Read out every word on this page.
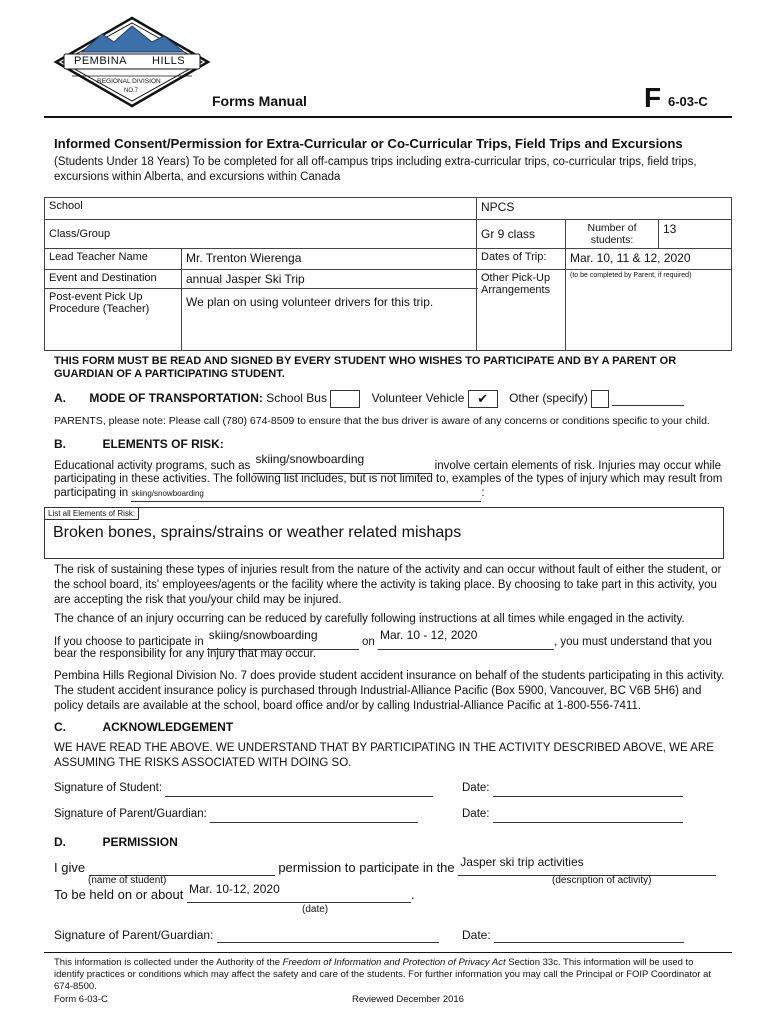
PEMBINA HILLS
REGIONAL DIVISION
NO.7
Forms Manual	F 6-03-C
Informed Consent/Permission for Extra-Curricular or Co-Curricular Trips, Field Trips and Excursions
(Students Under 18 Years) To be completed for all off-campus trips including extra-curricular trips, co-curricular trips, field trips, excursions within Alberta, and excursions within Canada
School		NPCS		
Class/Group		Gr 9 class	Number of students:	13
Lead Teacher Name	Mr. Trenton Wierenga	Dates of Trip:	Mar. 10, 11 & 12, 2020	
Event and Destination	annual Jasper Ski Trip	Other Pick-Up Arrangements	(to be completed by Parent, if required)	
Post-event Pick Up Procedure (Teacher)	We plan on using volunteer drivers for this trip.			
THIS FORM MUST BE READ AND SIGNED BY EVERY STUDENT WHO WISHES TO PARTICIPATE AND BY A PARENT OR GUARDIAN OF A PARTICIPATING STUDENT.
A. MODE OF TRANSPORTATION: School Bus	Volunteer Vehicle ✔ Other (specify)
PARENTS, please note: Please call (780) 674-8509 to ensure that the bus driver is aware of any concerns or conditions specific to your child.
B.	ELEMENTS OF RISK:
Educational activity programs, such as skiing/snowboarding	involve certain elements of risk. Injuries may occur while
participating in these activities. The following list includes, but is not limited to, examples of the types of injury which may result from
participating in skiing/snowboarding	:
List all Elements of Risk:
Broken bones, sprains/strains or weather related mishaps
The risk of sustaining these types of injuries result from the nature of the activity and can occur without fault of either the student, or the school board, its' employees/agents or the facility where the activity is taking place. By choosing to take part in this activity, you are accepting the risk that you/your child may be injured.
The chance of an injury occurring can be reduced by carefully following instructions at all times while engaged in the activity.
If you choose to participate in skiing/snowboarding	on Mar. 10 - 12, 2020	, you must understand that you
bear the responsibility for any injury that may occur.
Pembina Hills Regional Division No. 7 does provide student accident insurance on behalf of the students participating in this activity. The student accident insurance policy is purchased through Industrial-Alliance Pacific (Box 5900, Vancouver, BC V6B 5H6) and policy details are available at the school, board office and/or by calling Industrial-Alliance Pacific at 1-800-556-7411.
C.	ACKNOWLEDGEMENT
WE HAVE READ THE ABOVE. WE UNDERSTAND THAT BY PARTICIPATING IN THE ACTIVITY DESCRIBED ABOVE, WE ARE ASSUMING THE RISKS ASSOCIATED WITH DOING SO.
Signature of Student:	Date:
Signature of Parent/Guardian:	Date:
D.	PERMISSION
I give	permission to participate in the Jasper ski trip activities

(name of student)	(description of activity)
To be held on or about Mar. 10-12, 2020	.
(date)
Signature of Parent/Guardian:	Date:
This information is collected under the Authority of the Freedom of Information and Protection of Privacy Act Section 33c. This information will be used to identify practices or conditions which may affect the safety and care of the students. For further information you may call the Principal or FOIP Coordinator at 674-8500.
Form 6-03-C	Reviewed December 2016
